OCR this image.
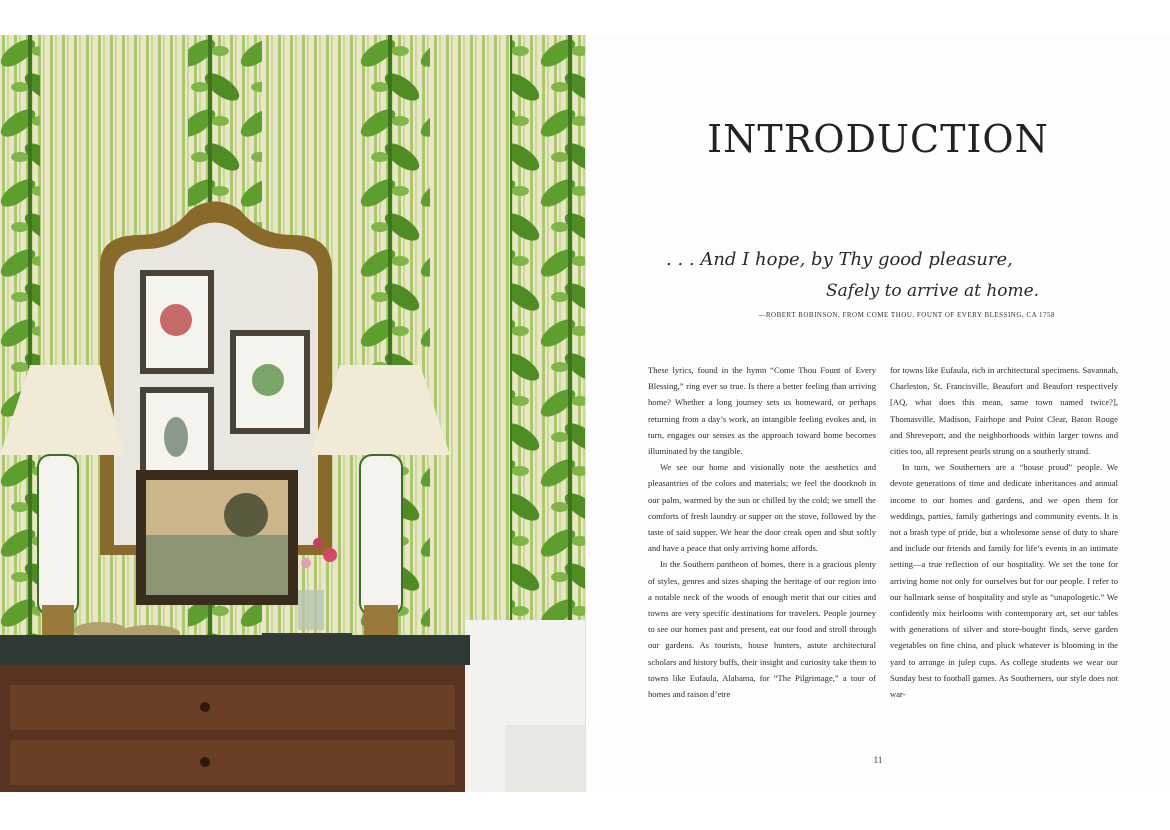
INTRODUCTION
. . . And I hope, by Thy good pleasure,
Safely to arrive at home.
—ROBERT ROBINSON, FROM COME THOU, FOUNT OF EVERY BLESSING, CA 1758

These lyrics, found in the hymn “Come Thou Fount of Every Blessing,” ring ever so true. Is there a better feeling than arriving home? Whether a long journey sets us homeward, or perhaps returning from a day’s work, an intangible feeling evokes and, in turn, engages our senses as the approach toward home becomes illuminated by the tangible.

We see our home and visionally note the aesthetics and pleasantries of the colors and materials; we feel the doorknob in our palm, warmed by the sun or chilled by the cold; we smell the comforts of fresh laundry or supper on the stove, followed by the taste of said supper. We hear the door creak open and shut softly and have a peace that only arriving home affords.

In the Southern pantheon of homes, there is a gracious plenty of styles, genres and sizes shaping the heritage of our region into a notable neck of the woods of enough merit that our cities and towns are very specific destinations for travelers. People journey to see our homes past and present, eat our food and stroll through our gardens. As tourists, house hunters, astute architectural scholars and history buffs, their insight and curiosity take them to towns like Eufaula, Alabama, for “The Pilgrimage,” a tour of homes and raison d’etre

for towns like Eufaula, rich in architectural specimens. Savannah, Charleston, St. Francisville, Beaufort and Beaufort respectively [AQ, what does this mean, same town named twice?], Thomasville, Madison, Fairhope and Point Clear, Baton Rouge and Shreveport, and the neighborhoods within larger towns and cities too, all represent pearls strung on a southerly strand.

In turn, we Southerners are a “house proud” people. We devote generations of time and dedicate inheritances and annual income to our homes and gardens, and we open them for weddings, parties, family gatherings and community events. It is not a brash type of pride, but a wholesome sense of duty to share and include our friends and family for life’s events in an intimate setting—a true reflection of our hospitality. We set the tone for arriving home not only for ourselves but for our people. I refer to our hallmark sense of hospitality and style as “unapologetic.” We confidently mix heirlooms with contemporary art, set our tables with generations of silver and store-bought finds, serve garden vegetables on fine china, and pluck whatever is blooming in the yard to arrange in julep cups. As college students we wear our Sunday best to football games. As Southerners, our style does not war-

11
